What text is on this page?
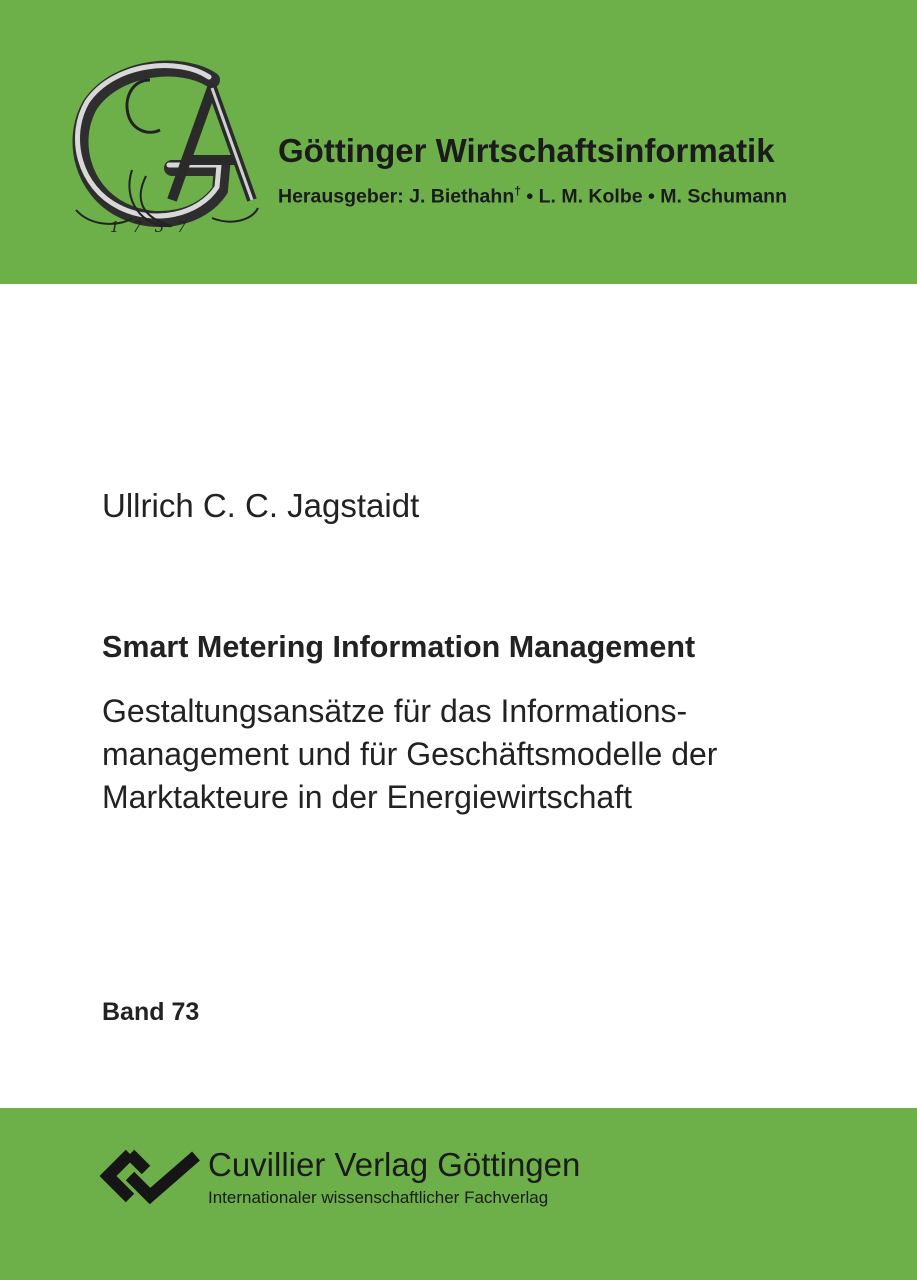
1 7 3 7
Göttinger Wirtschaftsinformatik

Herausgeber: J. Biethahn† • L. M. Kolbe • M. Schumann

Ullrich C. C. Jagstaidt

Smart Metering Information Management

Gestaltungsansätze für das Informations-
management und für Geschäftsmodelle der
Marktakteure in der Energiewirtschaft

Band 73

Cuvillier Verlag Göttingen

Internationaler wissenschaftlicher Fachverlag
